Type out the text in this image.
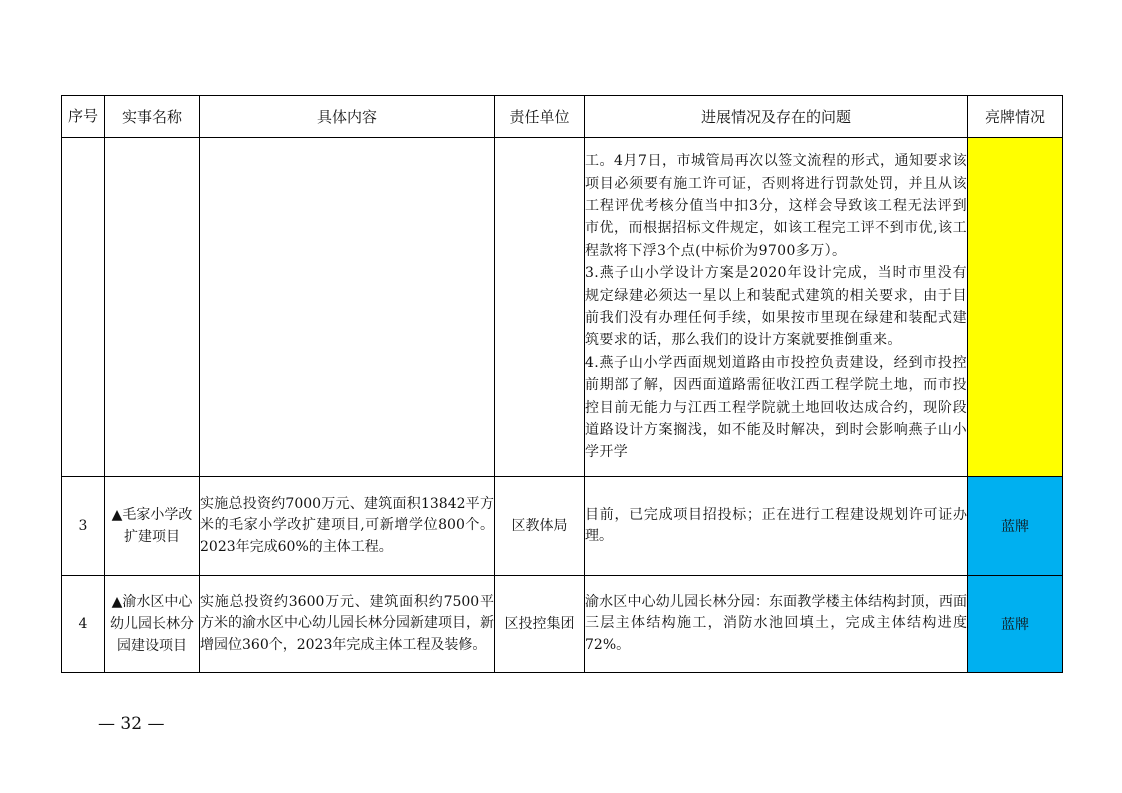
序号	实事名称	具体内容	责任单位	进展情况及存在的问题	亮牌情况

				工。4月7日，市城管局再次以签文流程的形式，通知要求该项目必须要有施工许可证，否则将进行罚款处罚，并且从该工程评优考核分值当中扣3分，这样会导致该工程无法评到市优，而根据招标文件规定，如该工程完工评不到市优,该工程款将下浮3个点(中标价为9700多万）。
3.燕子山小学设计方案是2020年设计完成，当时市里没有规定绿建必须达一星以上和装配式建筑的相关要求，由于目前我们没有办理任何手续，如果按市里现在绿建和装配式建筑要求的话，那么我们的设计方案就要推倒重来。
4.燕子山小学西面规划道路由市投控负责建设，经到市投控前期部了解，因西面道路需征收江西工程学院土地，而市投控目前无能力与江西工程学院就土地回收达成合约，现阶段道路设计方案搁浅，如不能及时解决，到时会影响燕子山小学开学	

3	▲毛家小学改扩建项目	实施总投资约7000万元、建筑面积13842平方米的毛家小学改扩建项目,可新增学位800个。2023年完成60%的主体工程。	区教体局	目前，已完成项目招投标；正在进行工程建设规划许可证办理。	蓝牌
4	▲渝水区中心幼儿园长林分园建设项目	实施总投资约3600万元、建筑面积约7500平方米的渝水区中心幼儿园长林分园新建项目，新增园位360个，2023年完成主体工程及装修。	区投控集团	渝水区中心幼儿园长林分园：东面教学楼主体结构封顶，西面三层主体结构施工，消防水池回填土，完成主体结构进度72%。	蓝牌
— 32 —
